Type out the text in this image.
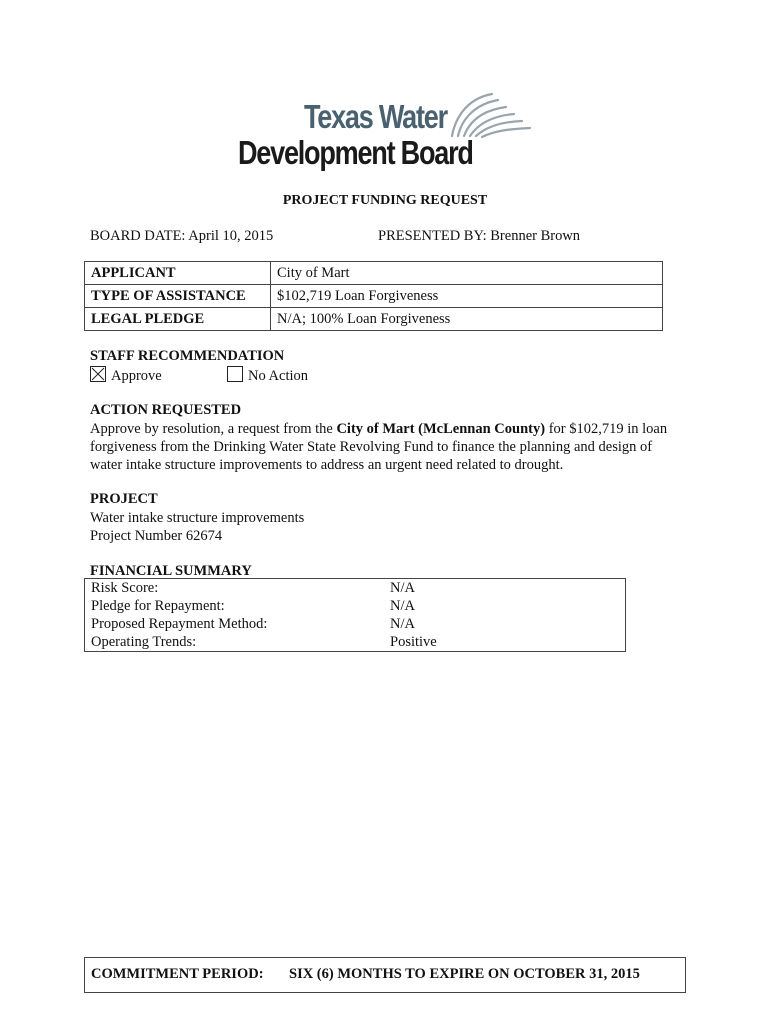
Texas Water
Development Board
PROJECT FUNDING REQUEST
BOARD DATE: April 10, 2015	PRESENTED BY: Brenner Brown
APPLICANT	City of Mart
TYPE OF ASSISTANCE	$102,719 Loan Forgiveness
LEGAL PLEDGE	N/A; 100% Loan Forgiveness
STAFF RECOMMENDATION
Approve	No Action
ACTION REQUESTED
Approve by resolution, a request from the City of Mart (McLennan County) for $102,719 in loan forgiveness from the Drinking Water State Revolving Fund to finance the planning and design of water intake structure improvements to address an urgent need related to drought.
PROJECT
Water intake structure improvements
Project Number 62674
FINANCIAL SUMMARY
Risk Score:	N/A
Pledge for Repayment:	N/A
Proposed Repayment Method:	N/A
Operating Trends:	Positive
COMMITMENT PERIOD: SIX (6) MONTHS TO EXPIRE ON OCTOBER 31, 2015
